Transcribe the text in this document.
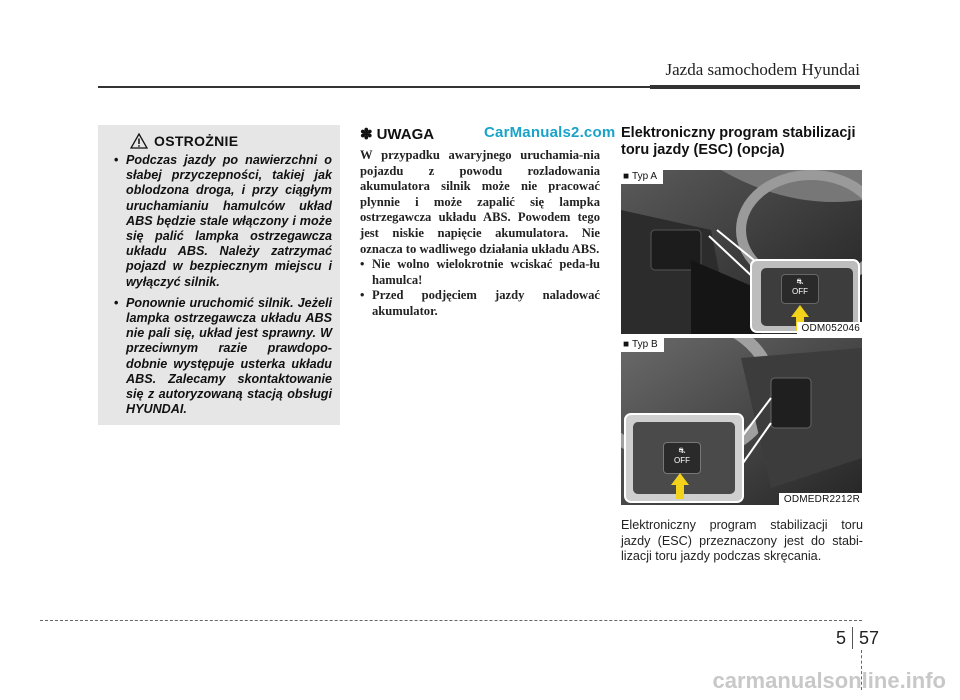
Jazda samochodem Hyundai
OSTROŻNIE
• Podczas jazdy po nawierzchni o słabej przyczepności, takiej jak oblodzona droga, i przy ciągłym uruchamianiu hamulców układ ABS będzie stale włączony i może się palić lampka ostrzegawcza układu ABS. Należy zatrzymać pojazd w bezpiecznym miejscu i wyłączyć silnik.
• Ponownie uruchomić silnik. Jeżeli lampka ostrzegawcza układu ABS nie pali się, układ jest sprawny. W przeciwnym razie prawdopo-dobnie występuje usterka układu ABS. Zalecamy skontaktowanie się z autoryzowaną stacją obsługi HYUNDAI.
✽ UWAGA
W przypadku awaryjnego uruchamia-nia pojazdu z powodu rozladowania akumulatora silnik może nie pracować plynnie i może zapalić się lampka ostrzegawcza układu ABS. Powodem tego jest niskie napięcie akumulatora. Nie oznacza to wadliwego działania układu ABS.
• Nie wolno wielokrotnie wciskać peda-łu hamulca!
• Przed podjęciem jazdy naladować akumulator.
CarManuals2.com Elektroniczny program stabilizacji toru jazdy (ESC) (opcja)
⛐
OFF
■ Typ A
ODM052046
⛐
OFF
■ Typ B
ODMEDR2212R
Elektroniczny program stabilizacji toru jazdy (ESC) przeznaczony jest do stabi-lizacji toru jazdy podczas skręcania.
5 57
carmanualsonline.info
